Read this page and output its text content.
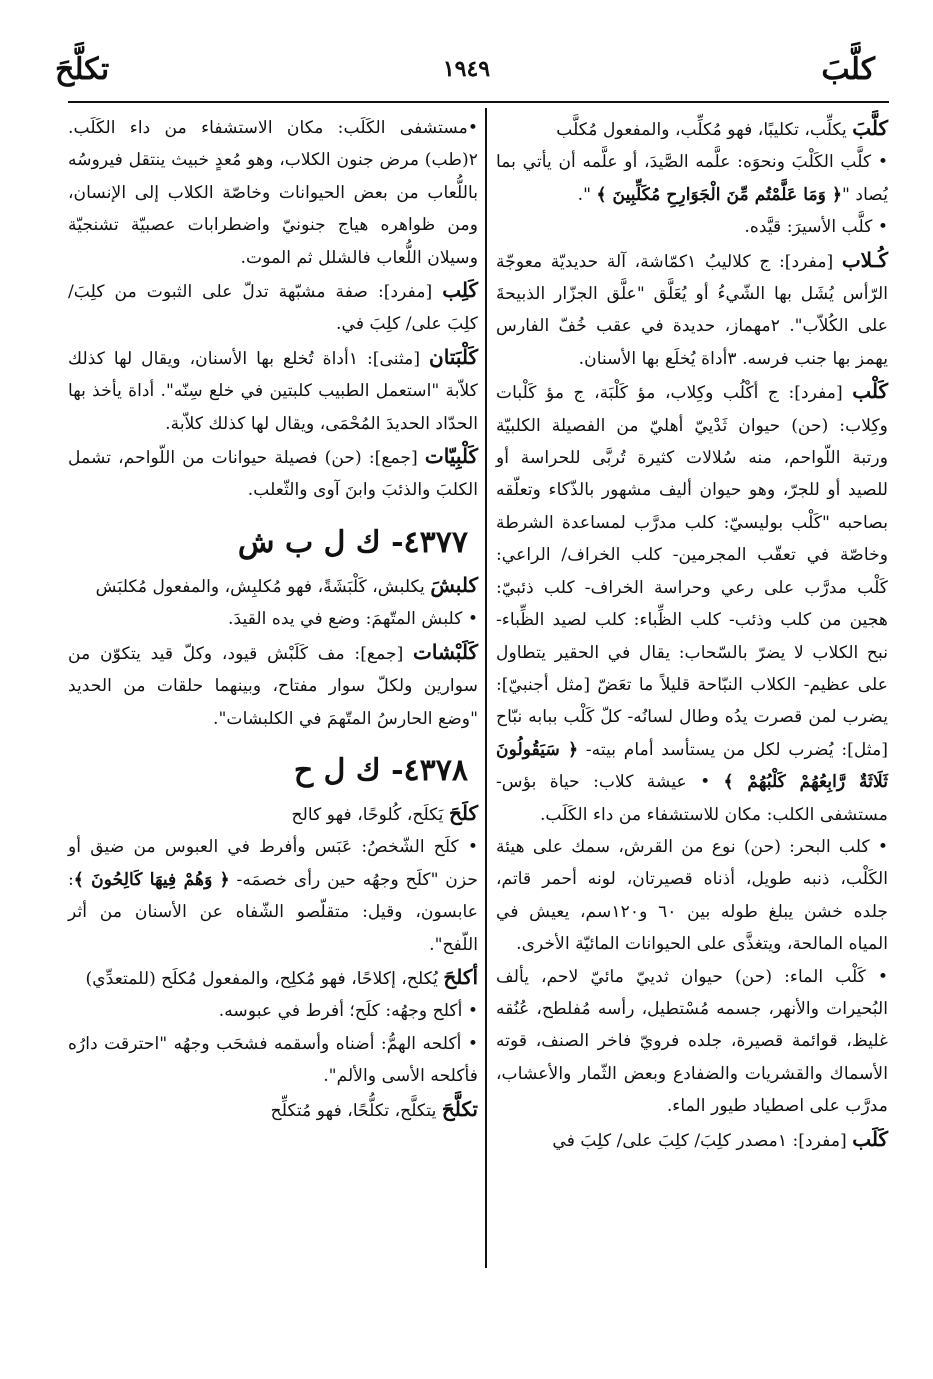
كلَّبَ
١٩٤٩
تكلَّحَ

كلَّبَ يكلِّب، تكليبًا، فهو مُكلِّب، والمفعول مُكلَّب

• كلَّب الكَلْبَ ونحوَه: علَّمه الصَّيدَ، أو علَّمه أن يأتي بما يُصاد "﴿ وَمَا عَلَّمْتُم مِّنَ الْجَوَارِحِ مُكَلِّبِينَ ﴾ ".

• كلَّب الأسيرَ: قيَّده.

كُـلاب [مفرد]: ج كلاليبُ ١كمّاشة، آلة حديديّة معوجّة الرّأس يُشَل بها الشّيءُ أو يُعَلَّق "علَّق الجزّار الذبيحةَ على الكُلاّب". ٢مهماز، حديدة في عقب خُفّ الفارس يهمز بها جنب فرسه. ٣أداة يُخلَع بها الأسنان.

كَلْب [مفرد]: ج أكْلُب وكِلاب، مؤ كَلْبَة، ج مؤ كَلْبات وكِلاب: (حن) حيوان ثَدْييّ أهليّ من الفصيلة الكلبيّة ورتبة اللّواحم، منه سُلالات كثيرة تُربَّى للحراسة أو للصيد أو للجرّ، وهو حيوان أليف مشهور بالذّكاء وتعلّقه بصاحبه "كَلْب بوليسيّ: كلب مدرَّب لمساعدة الشرطة وخاصّة في تعقّب المجرمين- كلب الخراف/ الراعي: كَلْب مدرَّب على رعي وحراسة الخراف- كلب ذئبيّ: هجين من كلب وذئب- كلب الظِّباء: كلب لصيد الظِّباء- نبح الكلاب لا يضرّ بالسّحاب: يقال في الحقير يتطاول على عظيم- الكلاب النبّاحة قليلاً ما تعَضّ [مثل أجنبيّ]: يضرب لمن قصرت يدُه وطال لسانُه- كلّ كَلْب ببابه نبّاح [مثل]: يُضرب لكل من يستأسد أمام بيته- ﴿ سَيَقُولُونَ ثَلَاثَةٌ رَّابِعُهُمْ كَلْبُهُمْ ﴾ • عيشة كلاب: حياة بؤس- مستشفى الكلب: مكان للاستشفاء من داء الكَلَب.

• كلب البحر: (حن) نوع من القرش، سمك على هيئة الكَلْب، ذنبه طويل، أذناه قصيرتان، لونه أحمر قاتم، جلده خشن يبلغ طوله بين ٦٠ و١٢٠سم، يعيش في المياه المالحة، ويتغذَّى على الحيوانات المائيّة الأخرى.

• كَلْب الماء: (حن) حيوان ثدييّ مائيّ لاحم، يألف البُحيرات والأنهر، جسمه مُسْتطيل، رأسه مُفلطح، عُنُقه غليظ، قوائمة قصيرة، جلده فرويّ فاخر الصنف، قوته الأسماك والقشريات والضفادع وبعض الثّمار والأعشاب، مدرَّب على اصطياد طيور الماء.

كَلَب [مفرد]: ١مصدر كلِبَ/ كلِبَ على/ كلِبَ في

•مستشفى الكَلَب: مكان الاستشفاء من داء الكَلَب. ٢(طب) مرض جنون الكلاب، وهو مُعدٍ خبيث ينتقل فيروسُه باللُّعاب من بعض الحيوانات وخاصّة الكلاب إلى الإنسان، ومن ظواهره هياج جنونيّ واضطرابات عصبيّة تشنجيّة وسيلان اللُّعاب فالشلل ثم الموت.

كَلِب [مفرد]: صفة مشبّهة تدلّ على الثبوت من كلِبَ/ كلِبَ على/ كلِبَ في.

كَلْبَتان [مثنى]: ١أداة تُخلع بها الأسنان، ويقال لها كذلك كلاّبة "استعمل الطبيب كلبتين في خلع سِنّه". أداة يأخذ بها الحدّاد الحديدَ المُحْمَى، ويقال لها كذلك كلاّبة.

كَلْبِيّات [جمع]: (حن) فصيلة حيوانات من اللّواحم، تشمل الكلبَ والذئبَ وابنَ آوى والثّعلب.

٤٣٧٧- ك ل ب ش

كلبشَ يكلبش، كَلْبَشَةً، فهو مُكلبِش، والمفعول مُكلبَش

• كلبش المتّهمَ: وضع في يده القيدَ.

كَلَبْشات [جمع]: مف كَلَبْش قيود، وكلّ قيد يتكوّن من سوارين ولكلّ سوار مفتاح، وبينهما حلقات من الحديد "وضع الحارسُ المتّهمَ في الكلبشات".

٤٣٧٨- ك ل ح

كلَحَ يَكلَح، كُلوحًا، فهو كالح

• كلَح الشّخصُ: عَبَس وأفرط في العبوس من ضيق أو حزن "كلَح وجهُه حين رأى خصمَه- ﴿ وَهُمْ فِيهَا كَالِحُونَ ﴾: عابسون، وقيل: متقلّصو الشّفاه عن الأسنان من أثر اللّفح".

أكلحَ يُكلح، إكلاحًا، فهو مُكلِح، والمفعول مُكلَح (للمتعدِّي)

• أكلح وجهُه: كلَح؛ أفرط في عبوسه.

• أكلحه الهمُّ: أضناه وأسقمه فشحَب وجهُه "احترقت دارُه فأكلحه الأسى والألم".

تكلَّحَ يتكلَّح، تكلُّحًا، فهو مُتكلِّح
